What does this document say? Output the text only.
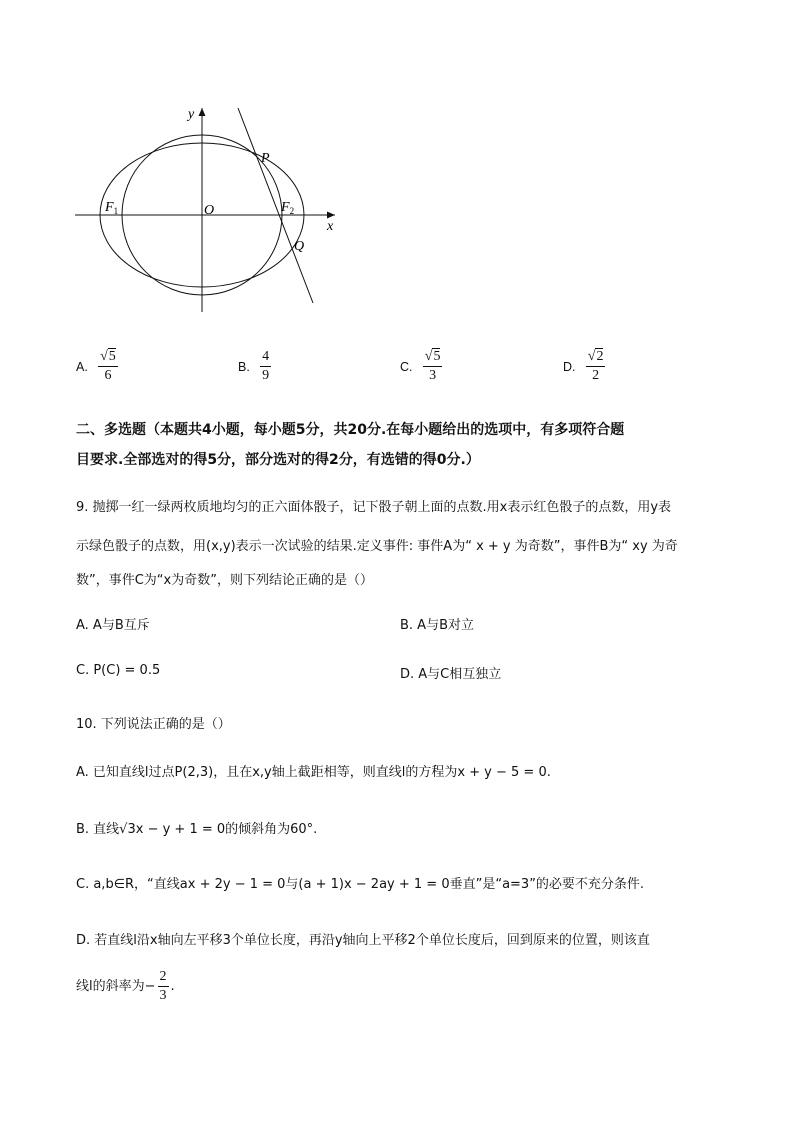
y
P
O
$F_1$	$F_2$
x
Q
A. √ $\frac{5}{6}$	B. $\frac{4}{9}$	C. √ $\frac{5}{3}$	D. √ $\frac{2}{2}$
二、多选题（本题共4小题，每小题5分，共20分.在每小题给出的选项中，有多项符合题
目要求.全部选对的得5分，部分选对的得2分，有选错的得0分.）
9. 抛掷一红一绿两枚质地均匀的正六面体骰子，记下骰子朝上面的点数.用x表示红色骰子的点数，用y表
示绿色骰子的点数，用(x,y)表示一次试验的结果.定义事件: 事件A为“ x + y 为奇数”，事件B为“ xy 为奇
数”，事件C为“x为奇数”，则下列结论正确的是（）
A. A与B互斥	B. A与B对立
C. P(C) = 0.5	D. A与C相互独立
10. 下列说法正确的是（）
A. 已知直线l过点P(2,3)，且在x,y轴上截距相等，则直线l的方程为x + y − 5 = 0.
B. 直线√3x − y + 1 = 0的倾斜角为60°.
C. a,b∈R，“直线ax + 2y − 1 = 0与(a + 1)x − 2ay + 1 = 0垂直”是“a=3”的必要不充分条件.
D. 若直线l沿x轴向左平移3个单位长度，再沿y轴向上平移2个单位长度后，回到原来的位置，则该直
线l的斜率为− $\frac{2}{3}$ .
